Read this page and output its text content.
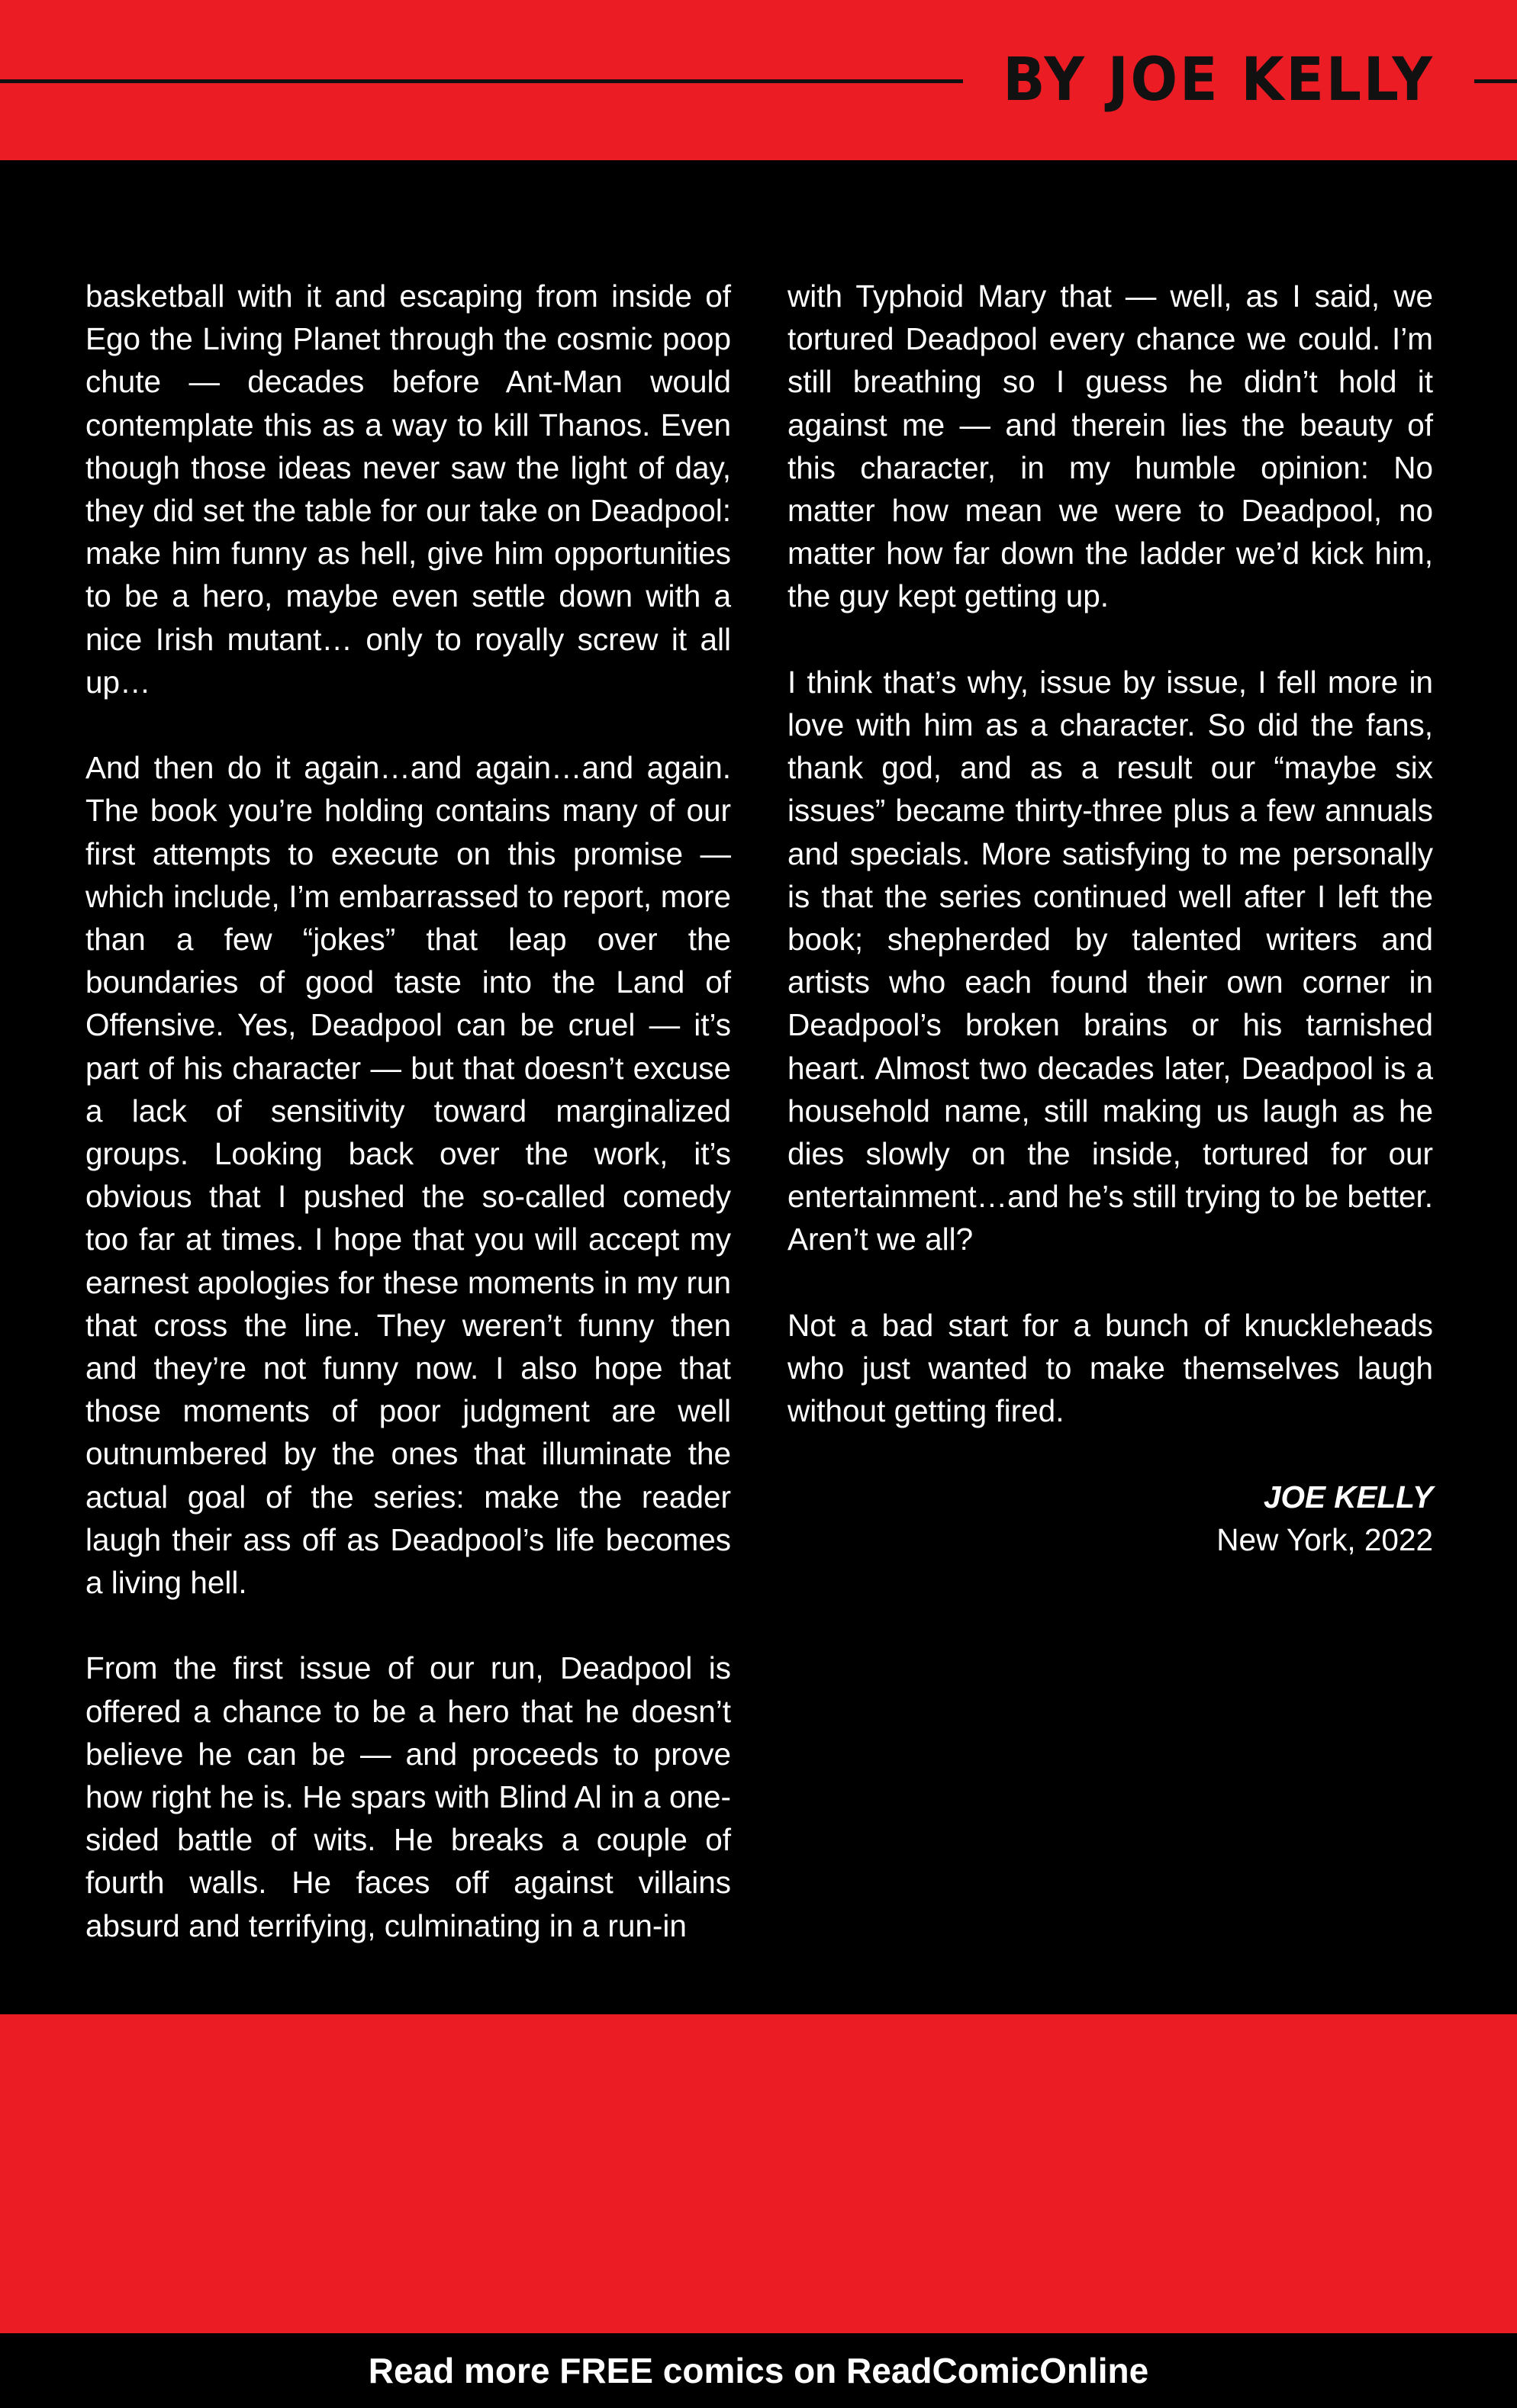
BY JOE KELLY

basketball with it and escaping from inside of Ego the Living Planet through the cosmic poop chute — decades before Ant-Man would contemplate this as a way to kill Thanos. Even though those ideas never saw the light of day, they did set the table for our take on Deadpool: make him funny as hell, give him opportunities to be a hero, maybe even settle down with a nice Irish mutant… only to royally screw it all up…

And then do it again…and again…and again. The book you’re holding contains many of our first attempts to execute on this promise — which include, I’m embarrassed to report, more than a few “jokes” that leap over the boundaries of good taste into the Land of Offensive. Yes, Deadpool can be cruel — it’s part of his character — but that doesn’t excuse a lack of sensitivity toward marginalized groups. Looking back over the work, it’s obvious that I pushed the so-called comedy too far at times. I hope that you will accept my earnest apologies for these moments in my run that cross the line. They weren’t funny then and they’re not funny now. I also hope that those moments of poor judgment are well outnumbered by the ones that illuminate the actual goal of the series: make the reader laugh their ass off as Deadpool’s life becomes a living hell.

From the first issue of our run, Deadpool is offered a chance to be a hero that he doesn’t believe he can be — and proceeds to prove how right he is. He spars with Blind Al in a one-sided battle of wits. He breaks a couple of fourth walls. He faces off against villains absurd and terrifying, culminating in a run-in

with Typhoid Mary that — well, as I said, we tortured Deadpool every chance we could. I’m still breathing so I guess he didn’t hold it against me — and therein lies the beauty of this character, in my humble opinion: No matter how mean we were to Deadpool, no matter how far down the ladder we’d kick him, the guy kept getting up.

I think that’s why, issue by issue, I fell more in love with him as a character. So did the fans, thank god, and as a result our “maybe six issues” became thirty-three plus a few annuals and specials. More satisfying to me personally is that the series continued well after I left the book; shepherded by talented writers and artists who each found their own corner in Deadpool’s broken brains or his tarnished heart. Almost two decades later, Deadpool is a household name, still making us laugh as he dies slowly on the inside, tortured for our entertainment…and he’s still trying to be better. Aren’t we all?

Not a bad start for a bunch of knuckleheads who just wanted to make themselves laugh without getting fired.

JOE KELLY
New York, 2022
Read more FREE comics on ReadComicOnline
